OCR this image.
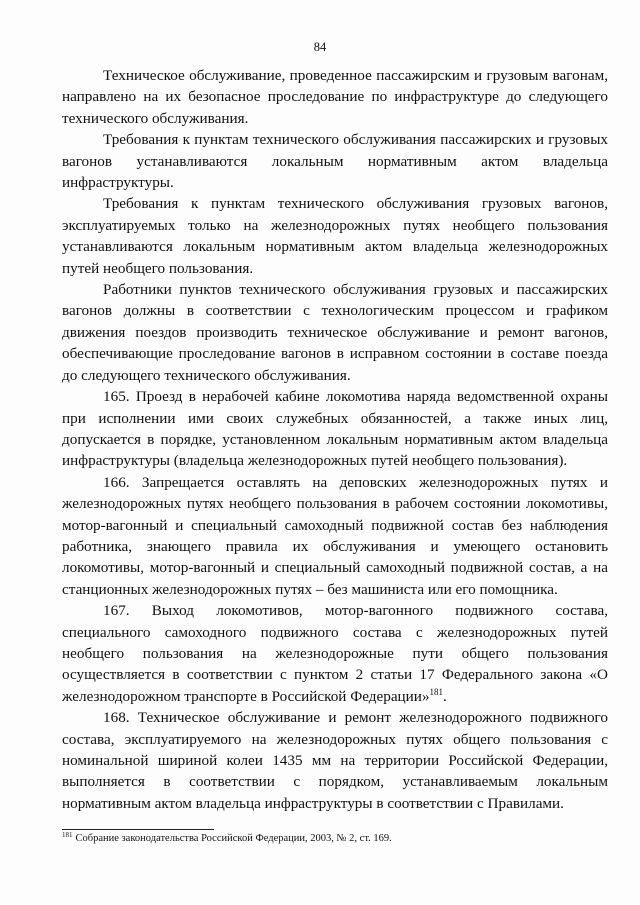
84

Техническое обслуживание, проведенное пассажирским и грузовым вагонам, направлено на их безопасное проследование по инфраструктуре до следующего технического обслуживания.

Требования к пунктам технического обслуживания пассажирских и грузовых вагонов устанавливаются локальным нормативным актом владельца инфраструктуры.

Требования к пунктам технического обслуживания грузовых вагонов, эксплуатируемых только на железнодорожных путях необщего пользования устанавливаются локальным нормативным актом владельца железнодорожных путей необщего пользования.

Работники пунктов технического обслуживания грузовых и пассажирских вагонов должны в соответствии с технологическим процессом и графиком движения поездов производить техническое обслуживание и ремонт вагонов, обеспечивающие проследование вагонов в исправном состоянии в составе поезда до следующего технического обслуживания.

165. Проезд в нерабочей кабине локомотива наряда ведомственной охраны при исполнении ими своих служебных обязанностей, а также иных лиц, допускается в порядке, установленном локальным нормативным актом владельца инфраструктуры (владельца железнодорожных путей необщего пользования).

166. Запрещается оставлять на деповских железнодорожных путях и железнодорожных путях необщего пользования в рабочем состоянии локомотивы, мотор-вагонный и специальный самоходный подвижной состав без наблюдения работника, знающего правила их обслуживания и умеющего остановить локомотивы, мотор-вагонный и специальный самоходный подвижной состав, а на станционных железнодорожных путях – без машиниста или его помощника.

167. Выход локомотивов, мотор-вагонного подвижного состава, специального самоходного подвижного состава с железнодорожных путей необщего пользования на железнодорожные пути общего пользования осуществляется в соответствии с пунктом 2 статьи 17 Федерального закона «О железнодорожном транспорте в Российской Федерации»$^{181}$.

168. Техническое обслуживание и ремонт железнодорожного подвижного состава, эксплуатируемого на железнодорожных путях общего пользования с номинальной шириной колеи 1435 мм на территории Российской Федерации, выполняется в соответствии с порядком, устанавливаемым локальным нормативным актом владельца инфраструктуры в соответствии с Правилами.

$^{181}$ Собрание законодательства Российской Федерации, 2003, № 2, ст. 169.
